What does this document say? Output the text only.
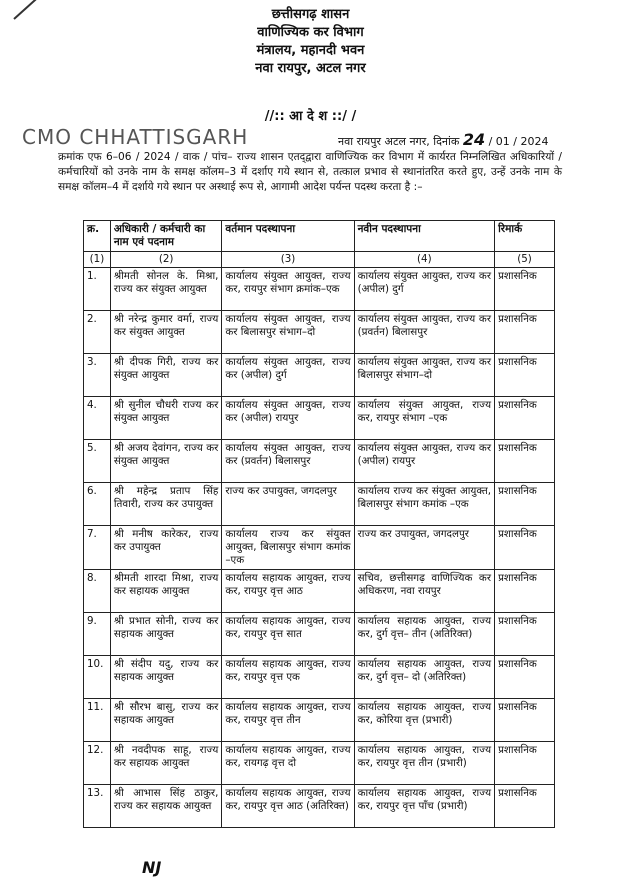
छत्तीसगढ़ शासन
वाणिज्यिक कर विभाग
मंत्रालय, महानदी भवन
नवा रायपुर, अटल नगर
//:: आ दे श ::/ /
CMO CHHATTISGARH	नवा रायपुर अटल नगर, दिनांक 24 / 01 / 2024
क्रमांक एफ 6–06 / 2024 / वाक / पांच– राज्य शासन एतद्‌द्वारा वाणिज्यिक कर विभाग में कार्यरत निम्नलिखित अधिकारियों / कर्मचारियों को उनके नाम के समक्ष कॉलम–3 में दर्शाए गये स्थान से, तत्काल प्रभाव से स्थानांतरित करते हुए, उन्हें उनके नाम के समक्ष कॉलम–4 में दर्शाये गये स्थान पर अस्थाई रूप से, आगामी आदेश पर्यन्त पदस्थ करता है :–
क्र.	अधिकारी / कर्मचारी का नाम एवं पदनाम	वर्तमान पदस्थापना	नवीन पदस्थापना	रिमार्क
(1)	(2)	(3)	(4)	(5)
1.	श्रीमती सोनल के. मिश्रा, राज्य कर संयुक्त आयुक्त	कार्यालय संयुक्त आयुक्त, राज्य कर, रायपुर संभाग क्रमांक–एक	कार्यालय संयुक्त आयुक्त, राज्य कर (अपील) दुर्ग	प्रशासनिक
2.	श्री नरेन्द्र कुमार वर्मा, राज्य कर संयुक्त आयुक्त	कार्यालय संयुक्त आयुक्त, राज्य कर बिलासपुर संभाग–दो	कार्यालय संयुक्त आयुक्त, राज्य कर (प्रवर्तन) बिलासपुर	प्रशासनिक
3.	श्री दीपक गिरी, राज्य कर संयुक्त आयुक्त	कार्यालय संयुक्त आयुक्त, राज्य कर (अपील) दुर्ग	कार्यालय संयुक्त आयुक्त, राज्य कर बिलासपुर संभाग–दो	प्रशासनिक
4.	श्री सुनील चौधरी राज्य कर संयुक्त आयुक्त	कार्यालय संयुक्त आयुक्त, राज्य कर (अपील) रायपुर	कार्यालय संयुक्त आयुक्त, राज्य कर, रायपुर संभाग –एक	प्रशासनिक
5.	श्री अजय देवांगन, राज्य कर संयुक्त आयुक्त	कार्यालय संयुक्त आयुक्त, राज्य कर (प्रवर्तन) बिलासपुर	कार्यालय संयुक्त आयुक्त, राज्य कर (अपील) रायपुर	प्रशासनिक
6.	श्री महेन्द्र प्रताप सिंह तिवारी, राज्य कर उपायुक्त	राज्य कर उपायुक्त, जगदलपुर	कार्यालय राज्य कर संयुक्त आयुक्त, बिलासपुर संभाग कमांक –एक	प्रशासनिक
7.	श्री मनीष कारेकर, राज्य कर उपायुक्त	कार्यालय राज्य कर संयुक्त आयुक्त, बिलासपुर संभाग कमांक –एक	राज्य कर उपायुक्त, जगदलपुर	प्रशासनिक
8.	श्रीमती शारदा मिश्रा, राज्य कर सहायक आयुक्त	कार्यालय सहायक आयुक्त, राज्य कर, रायपुर वृत्त आठ	सचिव, छत्तीसगढ़ वाणिज्यिक कर अधिकरण, नवा रायपुर	प्रशासनिक
9.	श्री प्रभात सोनी, राज्य कर सहायक आयुक्त	कार्यालय सहायक आयुक्त, राज्य कर, रायपुर वृत्त सात	कार्यालय सहायक आयुक्त, राज्य कर, दुर्ग वृत्त– तीन (अतिरिक्त)	प्रशासनिक
10.	श्री संदीप यदु, राज्य कर सहायक आयुक्त	कार्यालय सहायक आयुक्त, राज्य कर, रायपुर वृत्त एक	कार्यालय सहायक आयुक्त, राज्य कर, दुर्ग वृत्त– दो (अतिरिक्त)	प्रशासनिक
11.	श्री सौरभ बासु, राज्य कर सहायक आयुक्त	कार्यालय सहायक आयुक्त, राज्य कर, रायपुर वृत्त तीन	कार्यालय सहायक आयुक्त, राज्य कर, कोरिया वृत्त (प्रभारी)	प्रशासनिक
12.	श्री नवदीपक साहू, राज्य कर सहायक आयुक्त	कार्यालय सहायक आयुक्त, राज्य कर, रायगढ़ वृत्त दो	कार्यालय सहायक आयुक्त, राज्य कर, रायपुर वृत्त तीन (प्रभारी)	प्रशासनिक
13.	श्री आभास सिंह ठाकुर, राज्य कर सहायक आयुक्त	कार्यालय सहायक आयुक्त, राज्य कर, रायपुर वृत्त आठ (अतिरिक्त)	कार्यालय सहायक आयुक्त, राज्य कर, रायपुर वृत्त पाँच (प्रभारी)	प्रशासनिक
NJ
